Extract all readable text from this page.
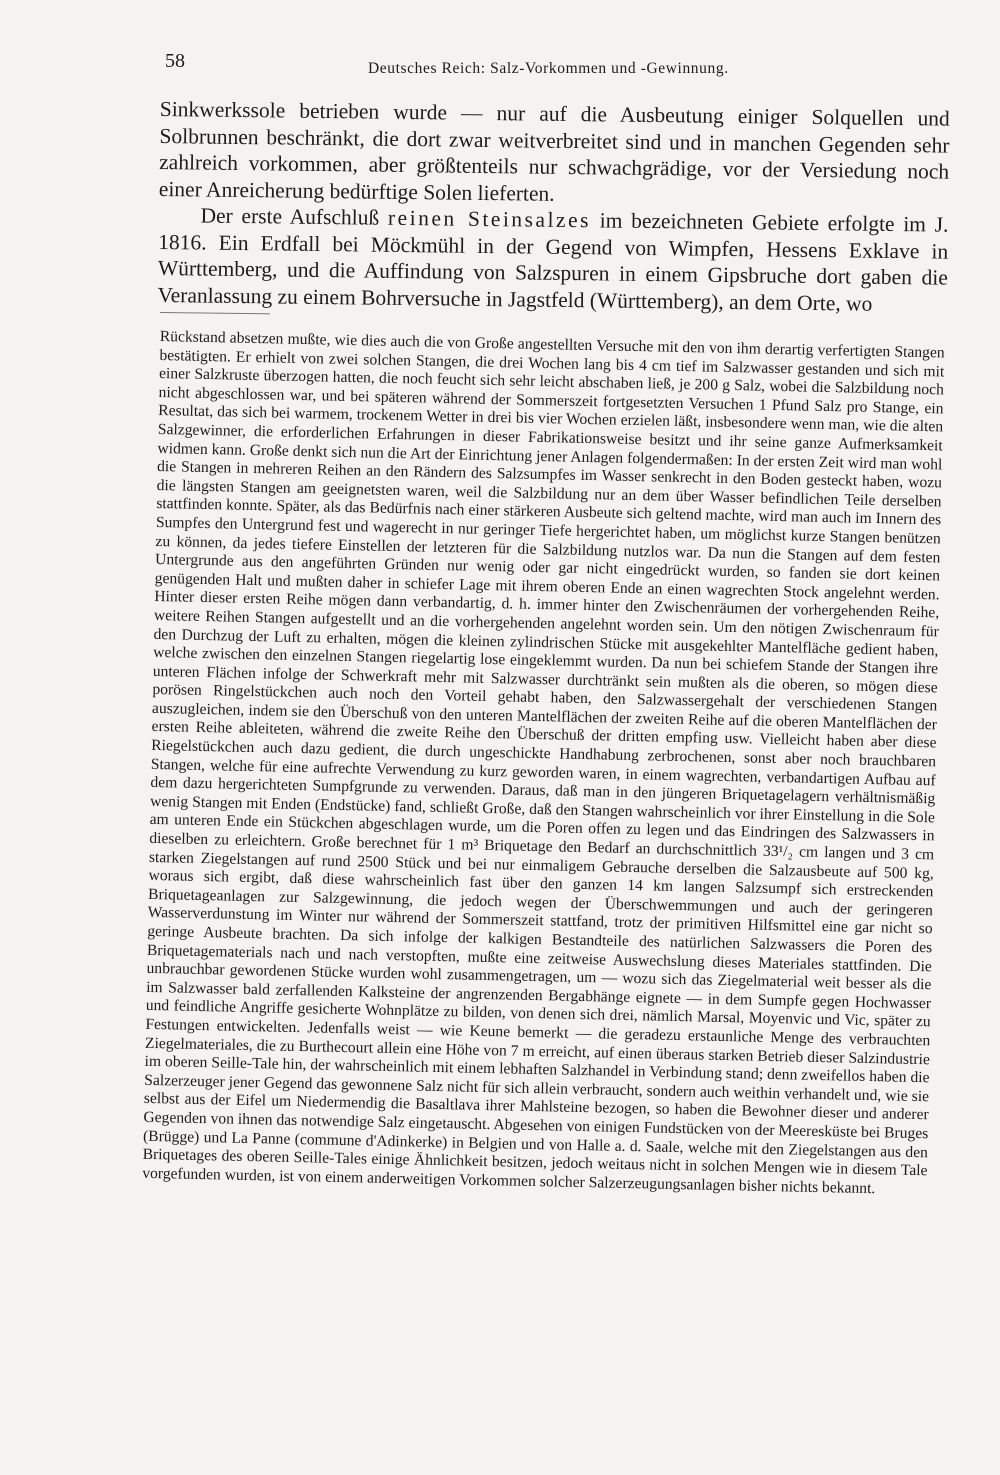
58	Deutsches Reich: Salz-Vorkommen und -Gewinnung.

Sinkwerkssole betrieben wurde — nur auf die Ausbeutung einiger Solquellen und Solbrunnen beschränkt, die dort zwar weitverbreitet sind und in manchen Gegenden sehr zahlreich vorkommen, aber größtenteils nur schwachgrädige, vor der Versiedung noch einer Anreicherung bedürftige Solen lieferten.

Der erste Aufschluß reinen Steinsalzes im bezeichneten Gebiete erfolgte im J. 1816. Ein Erdfall bei Möckmühl in der Gegend von Wimpfen, Hessens Exklave in Württemberg, und die Auffindung von Salzspuren in einem Gipsbruche dort gaben die Veranlassung zu einem Bohrversuche in Jagstfeld (Württemberg), an dem Orte, wo

Rückstand absetzen mußte, wie dies auch die von Große angestellten Versuche mit den von ihm derartig verfertigten Stangen bestätigten. Er erhielt von zwei solchen Stangen, die drei Wochen lang bis 4 cm tief im Salzwasser gestanden und sich mit einer Salzkruste überzogen hatten, die noch feucht sich sehr leicht abschaben ließ, je 200 g Salz, wobei die Salzbildung noch nicht abgeschlossen war, und bei späteren während der Sommerszeit fortgesetzten Versuchen 1 Pfund Salz pro Stange, ein Resultat, das sich bei warmem, trockenem Wetter in drei bis vier Wochen erzielen läßt, insbesondere wenn man, wie die alten Salzgewinner, die erforderlichen Erfahrungen in dieser Fabrikationsweise besitzt und ihr seine ganze Aufmerksamkeit widmen kann. Große denkt sich nun die Art der Einrichtung jener Anlagen folgendermaßen: In der ersten Zeit wird man wohl die Stangen in mehreren Reihen an den Rändern des Salzsumpfes im Wasser senkrecht in den Boden gesteckt haben, wozu die längsten Stangen am geeignetsten waren, weil die Salzbildung nur an dem über Wasser befindlichen Teile derselben stattfinden konnte. Später, als das Bedürfnis nach einer stärkeren Ausbeute sich geltend machte, wird man auch im Innern des Sumpfes den Untergrund fest und wagerecht in nur geringer Tiefe hergerichtet haben, um möglichst kurze Stangen benützen zu können, da jedes tiefere Einstellen der letzteren für die Salzbildung nutzlos war. Da nun die Stangen auf dem festen Untergrunde aus den angeführten Gründen nur wenig oder gar nicht eingedrückt wurden, so fanden sie dort keinen genügenden Halt und mußten daher in schiefer Lage mit ihrem oberen Ende an einen wagrechten Stock angelehnt werden. Hinter dieser ersten Reihe mögen dann verbandartig, d. h. immer hinter den Zwischenräumen der vorhergehenden Reihe, weitere Reihen Stangen aufgestellt und an die vorhergehenden angelehnt worden sein. Um den nötigen Zwischenraum für den Durchzug der Luft zu erhalten, mögen die kleinen zylindrischen Stücke mit ausgekehlter Mantelfläche gedient haben, welche zwischen den einzelnen Stangen riegelartig lose eingeklemmt wurden. Da nun bei schiefem Stande der Stangen ihre unteren Flächen infolge der Schwerkraft mehr mit Salzwasser durchtränkt sein mußten als die oberen, so mögen diese porösen Ringelstückchen auch noch den Vorteil gehabt haben, den Salzwassergehalt der verschiedenen Stangen auszugleichen, indem sie den Überschuß von den unteren Mantelflächen der zweiten Reihe auf die oberen Mantelflächen der ersten Reihe ableiteten, während die zweite Reihe den Überschuß der dritten empfing usw. Vielleicht haben aber diese Riegelstückchen auch dazu gedient, die durch ungeschickte Handhabung zerbrochenen, sonst aber noch brauchbaren Stangen, welche für eine aufrechte Verwendung zu kurz geworden waren, in einem wagrechten, verbandartigen Aufbau auf dem dazu hergerichteten Sumpfgrunde zu verwenden. Daraus, daß man in den jüngeren Briquetagelagern verhältnismäßig wenig Stangen mit Enden (Endstücke) fand, schließt Große, daß den Stangen wahrscheinlich vor ihrer Einstellung in die Sole am unteren Ende ein Stückchen abgeschlagen wurde, um die Poren offen zu legen und das Eindringen des Salzwassers in dieselben zu erleichtern. Große berechnet für 1 m³ Briquetage den Bedarf an durchschnittlich 33¹/₂ cm langen und 3 cm starken Ziegelstangen auf rund 2500 Stück und bei nur einmaligem Gebrauche derselben die Salzausbeute auf 500 kg, woraus sich ergibt, daß diese wahrscheinlich fast über den ganzen 14 km langen Salzsumpf sich erstreckenden Briquetageanlagen zur Salzgewinnung, die jedoch wegen der Überschwemmungen und auch der geringeren Wasserverdunstung im Winter nur während der Sommerszeit stattfand, trotz der primitiven Hilfsmittel eine gar nicht so geringe Ausbeute brachten. Da sich infolge der kalkigen Bestandteile des natürlichen Salzwassers die Poren des Briquetagematerials nach und nach verstopften, mußte eine zeitweise Auswechslung dieses Materiales stattfinden. Die unbrauchbar gewordenen Stücke wurden wohl zusammengetragen, um — wozu sich das Ziegelmaterial weit besser als die im Salzwasser bald zerfallenden Kalksteine der angrenzenden Bergabhänge eignete — in dem Sumpfe gegen Hochwasser und feindliche Angriffe gesicherte Wohnplätze zu bilden, von denen sich drei, nämlich Marsal, Moyenvic und Vic, später zu Festungen entwickelten. Jedenfalls weist — wie Keune bemerkt — die geradezu erstaunliche Menge des verbrauchten Ziegelmateriales, die zu Burthecourt allein eine Höhe von 7 m erreicht, auf einen überaus starken Betrieb dieser Salzindustrie im oberen Seille-Tale hin, der wahrscheinlich mit einem lebhaften Salzhandel in Verbindung stand; denn zweifellos haben die Salzerzeuger jener Gegend das gewonnene Salz nicht für sich allein verbraucht, sondern auch weithin verhandelt und, wie sie selbst aus der Eifel um Niedermendig die Basaltlava ihrer Mahlsteine bezogen, so haben die Bewohner dieser und anderer Gegenden von ihnen das notwendige Salz eingetauscht. Abgesehen von einigen Fundstücken von der Meeresküste bei Bruges (Brügge) und La Panne (commune d'Adinkerke) in Belgien und von Halle a. d. Saale, welche mit den Ziegelstangen aus den Briquetages des oberen Seille-Tales einige Ähnlichkeit besitzen, jedoch weitaus nicht in solchen Mengen wie in diesem Tale vorgefunden wurden, ist von einem anderweitigen Vorkommen solcher Salzerzeugungsanlagen bisher nichts bekannt.
